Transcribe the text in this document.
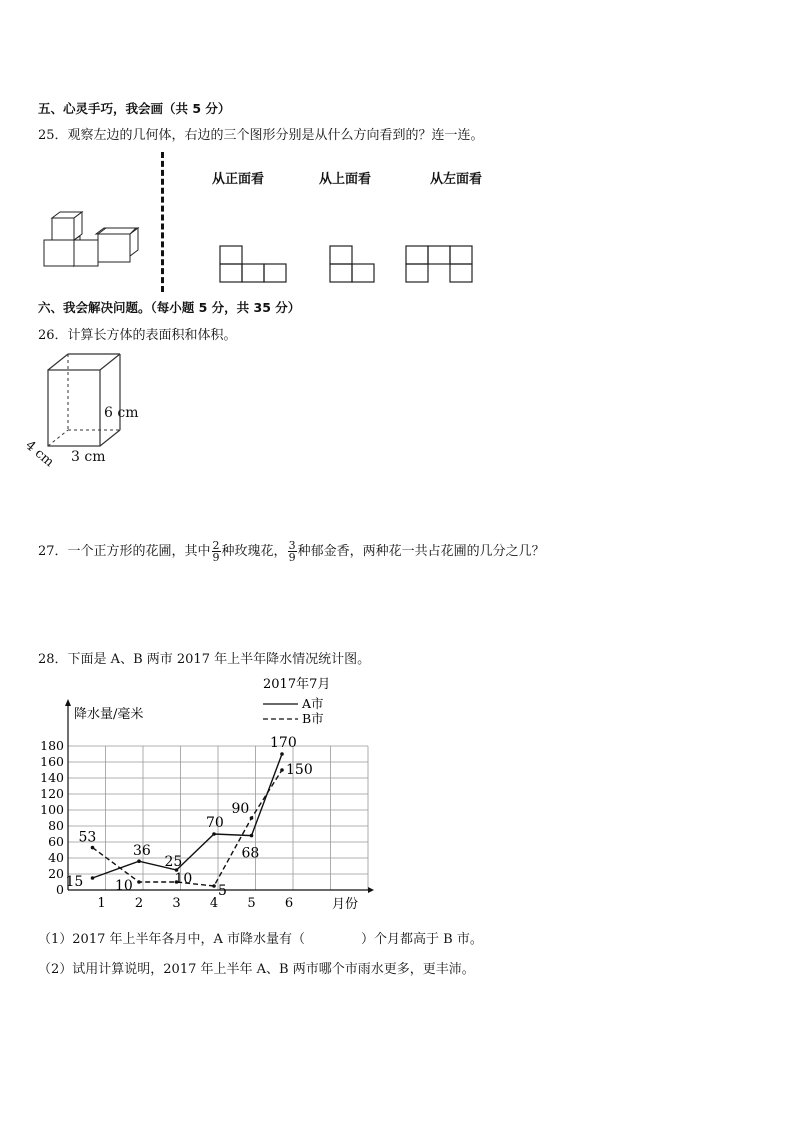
五、心灵手巧，我会画（共 5 分）
25．观察左边的几何体，右边的三个图形分别是从什么方向看到的？连一连。
从正面看	从上面看	从左面看
六、我会解决问题。（每小题 5 分，共 35 分）
26．计算长方体的表面积和体积。
6 cm
4 cm 3 cm
27．一个正方形的花圃，其中 $\frac{2}{9}$ 种玫瑰花， $\frac{3}{9}$ 种郁金香，两种花一共占花圃的几分之几？
28．下面是 A、B 两市 2017 年上半年降水情况统计图。
2017年7月
降水量/毫米
月份
0
20
40
60
80
100
120
140
160
180
1 2 3 4 5 6
15
36
25
70
68
170
53
10	10
5
90
150
A市
B市
（1）2017 年上半年各月中，A 市降水量有（	）个月都高于 B 市。
（2）试用计算说明，2017 年上半年 A、B 两市哪个市雨水更多，更丰沛。
